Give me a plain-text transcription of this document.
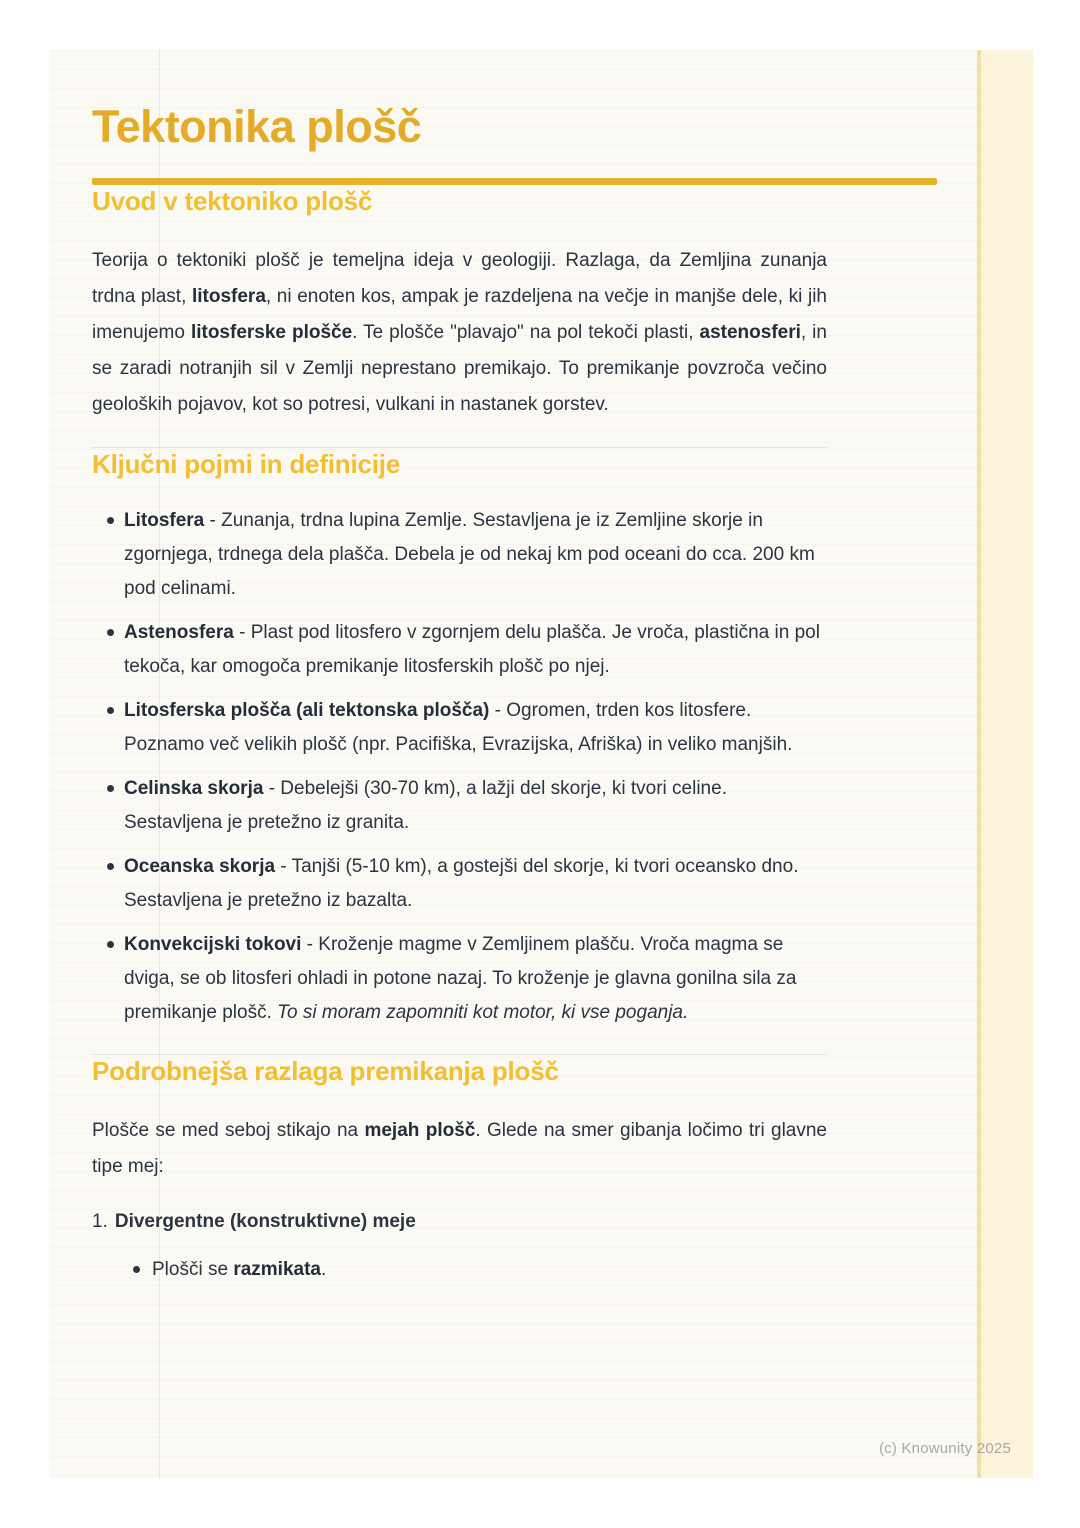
Tektonika plošč
Uvod v tektoniko plošč

Teorija o tektoniki plošč je temeljna ideja v geologiji. Razlaga, da Zemljina zunanja trdna plast, litosfera, ni enoten kos, ampak je razdeljena na večje in manjše dele, ki jih imenujemo litosferske plošče. Te plošče "plavajo" na pol tekoči plasti, astenosferi, in se zaradi notranjih sil v Zemlji neprestano premikajo. To premikanje povzroča večino geoloških pojavov, kot so potresi, vulkani in nastanek gorstev.

Ključni pojmi in definicije
Litosfera - Zunanja, trdna lupina Zemlje. Sestavljena je iz Zemljine skorje in zgornjega, trdnega dela plašča. Debela je od nekaj km pod oceani do cca. 200 km pod celinami.
Astenosfera - Plast pod litosfero v zgornjem delu plašča. Je vroča, plastična in pol tekoča, kar omogoča premikanje litosferskih plošč po njej.
Litosferska plošča (ali tektonska plošča) - Ogromen, trden kos litosfere. Poznamo več velikih plošč (npr. Pacifiška, Evrazijska, Afriška) in veliko manjših.
Celinska skorja - Debelejši (30-70 km), a lažji del skorje, ki tvori celine. Sestavljena je pretežno iz granita.
Oceanska skorja - Tanjši (5-10 km), a gostejši del skorje, ki tvori oceansko dno. Sestavljena je pretežno iz bazalta.
Konvekcijski tokovi - Kroženje magme v Zemljinem plašču. Vroča magma se dviga, se ob litosferi ohladi in potone nazaj. To kroženje je glavna gonilna sila za premikanje plošč. To si moram zapomniti kot motor, ki vse poganja.
Podrobnejša razlaga premikanja plošč

Plošče se med seboj stikajo na mejah plošč. Glede na smer gibanja ločimo tri glavne tipe mej:

1. Divergentne (konstruktivne) meje
Plošči se razmikata.
(c) Knowunity 2025
